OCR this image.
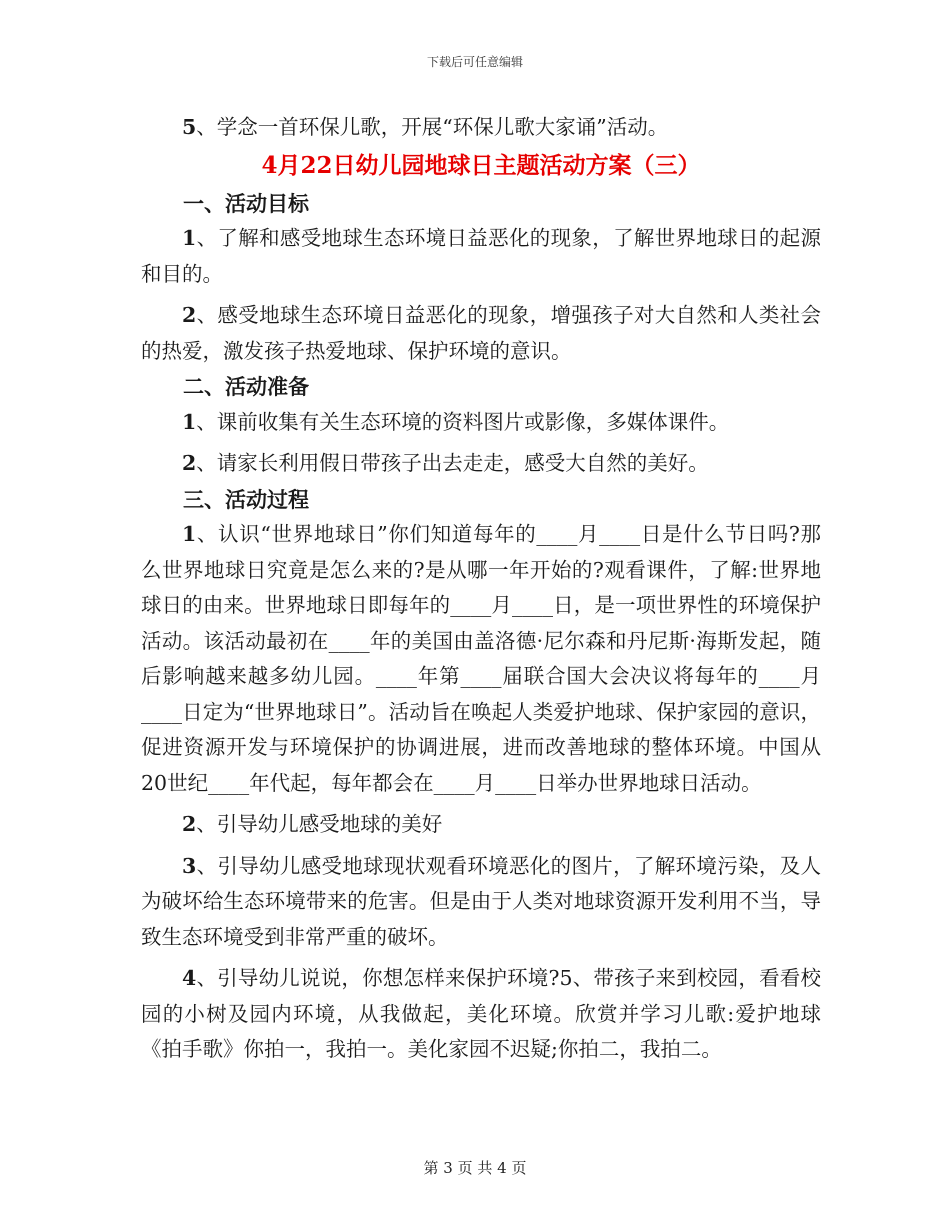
下载后可任意编辑

5、学念一首环保儿歌，开展“环保儿歌大家诵”活动。

4月22日幼儿园地球日主题活动方案（三）

一、活动目标

1、了解和感受地球生态环境日益恶化的现象，了解世界地球日的起源和目的。

2、感受地球生态环境日益恶化的现象，增强孩子对大自然和人类社会的热爱，激发孩子热爱地球、保护环境的意识。

二、活动准备

1、课前收集有关生态环境的资料图片或影像，多媒体课件。

2、请家长利用假日带孩子出去走走，感受大自然的美好。

三、活动过程

1、认识“世界地球日”你们知道每年的____月____日是什么节日吗?那么世界地球日究竟是怎么来的?是从哪一年开始的?观看课件，了解:世界地球日的由来。世界地球日即每年的____月____日，是一项世界性的环境保护活动。该活动最初在____年的美国由盖洛德·尼尔森和丹尼斯·海斯发起，随后影响越来越多幼儿园。____年第____届联合国大会决议将每年的____月____日定为“世界地球日”。活动旨在唤起人类爱护地球、保护家园的意识，促进资源开发与环境保护的协调进展，进而改善地球的整体环境。中国从20世纪____年代起，每年都会在____月____日举办世界地球日活动。

2、引导幼儿感受地球的美好

3、引导幼儿感受地球现状观看环境恶化的图片，了解环境污染，及人为破坏给生态环境带来的危害。但是由于人类对地球资源开发利用不当，导致生态环境受到非常严重的破坏。

4、引导幼儿说说，你想怎样来保护环境?5、带孩子来到校园，看看校园的小树及园内环境，从我做起，美化环境。欣赏并学习儿歌:爱护地球《拍手歌》你拍一，我拍一。美化家园不迟疑;你拍二，我拍二。

第 3 页 共 4 页
